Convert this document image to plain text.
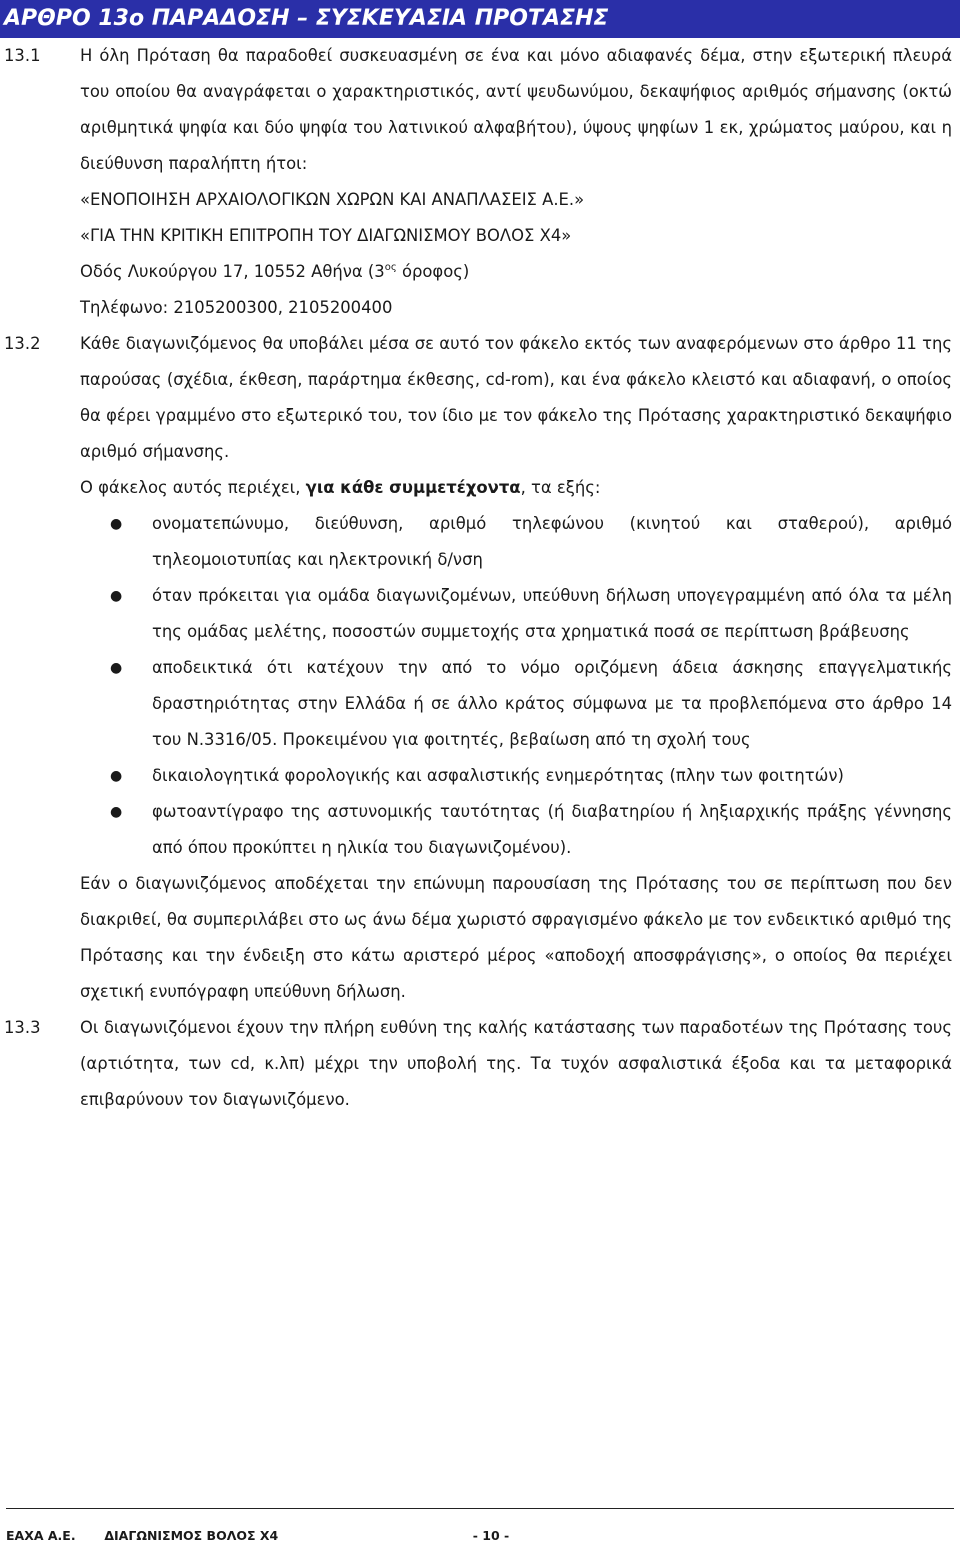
ΑΡΘΡΟ 13ο ΠΑΡΑΔΟΣΗ – ΣΥΣΚΕΥΑΣΙΑ ΠΡΟΤΑΣΗΣ
13.1 Η όλη Πρόταση θα παραδοθεί συσκευασμένη σε ένα και μόνο αδιαφανές δέμα, στην εξωτερική πλευρά του οποίου θα αναγράφεται ο χαρακτηριστικός, αντί ψευδωνύμου, δεκαψήφιος αριθμός σήμανσης (οκτώ αριθμητικά ψηφία και δύο ψηφία του λατινικού αλφαβήτου), ύψους ψηφίων 1 εκ, χρώματος μαύρου, και η διεύθυνση παραλήπτη ήτοι:
«ΕΝΟΠΟΙΗΣΗ ΑΡΧΑΙΟΛΟΓΙΚΩΝ ΧΩΡΩΝ ΚΑΙ ΑΝΑΠΛΑΣΕΙΣ Α.Ε.»
«ΓΙΑ ΤΗΝ ΚΡΙΤΙΚΗ ΕΠΙΤΡΟΠΗ ΤΟΥ ΔΙΑΓΩΝΙΣΜΟΥ ΒΟΛΟΣ Χ4»
Οδός Λυκούργου 17, 10552 Αθήνα ($3^{o\varsigma}$ όροφος)
Τηλέφωνο: 2105200300, 2105200400
13.2 Κάθε διαγωνιζόμενος θα υποβάλει μέσα σε αυτό τον φάκελο εκτός των αναφερόμενων στο άρθρο 11 της παρούσας (σχέδια, έκθεση, παράρτημα έκθεσης, cd-rom), και ένα φάκελο κλειστό και αδιαφανή, ο οποίος θα φέρει γραμμένο στο εξωτερικό του, τον ίδιο με τον φάκελο της Πρότασης χαρακτηριστικό δεκαψήφιο αριθμό σήμανσης.
Ο φάκελος αυτός περιέχει, για κάθε συμμετέχοντα, τα εξής:
● ονοματεπώνυμο, διεύθυνση, αριθμό τηλεφώνου (κινητού και σταθερού), αριθμό τηλεομοιοτυπίας και ηλεκτρονική δ/νση
● όταν πρόκειται για ομάδα διαγωνιζομένων, υπεύθυνη δήλωση υπογεγραμμένη από όλα τα μέλη της ομάδας μελέτης, ποσοστών συμμετοχής στα χρηματικά ποσά σε περίπτωση βράβευσης
● αποδεικτικά ότι κατέχουν την από το νόμο οριζόμενη άδεια άσκησης επαγγελματικής δραστηριότητας στην Ελλάδα ή σε άλλο κράτος σύμφωνα με τα προβλεπόμενα στο άρθρο 14 του Ν.3316/05. Προκειμένου για φοιτητές, βεβαίωση από τη σχολή τους
● δικαιολογητικά φορολογικής και ασφαλιστικής ενημερότητας (πλην των φοιτητών)
● φωτοαντίγραφο της αστυνομικής ταυτότητας (ή διαβατηρίου ή ληξιαρχικής πράξης γέννησης από όπου προκύπτει η ηλικία του διαγωνιζομένου).
Εάν ο διαγωνιζόμενος αποδέχεται την επώνυμη παρουσίαση της Πρότασης του σε περίπτωση που δεν διακριθεί, θα συμπεριλάβει στο ως άνω δέμα χωριστό σφραγισμένο φάκελο με τον ενδεικτικό αριθμό της Πρότασης και την ένδειξη στο κάτω αριστερό μέρος «αποδοχή αποσφράγισης», ο οποίος θα περιέχει σχετική ενυπόγραφη υπεύθυνη δήλωση.
13.3 Οι διαγωνιζόμενοι έχουν την πλήρη ευθύνη της καλής κατάστασης των παραδοτέων της Πρότασης τους (αρτιότητα, των cd, κ.λπ) μέχρι την υποβολή της. Τα τυχόν ασφαλιστικά έξοδα και τα μεταφορικά επιβαρύνουν τον διαγωνιζόμενο.
ΕΑΧΑ Α.Ε. ΔΙΑΓΩΝΙΣΜΟΣ ΒΟΛΟΣ Χ4	- 10 -
